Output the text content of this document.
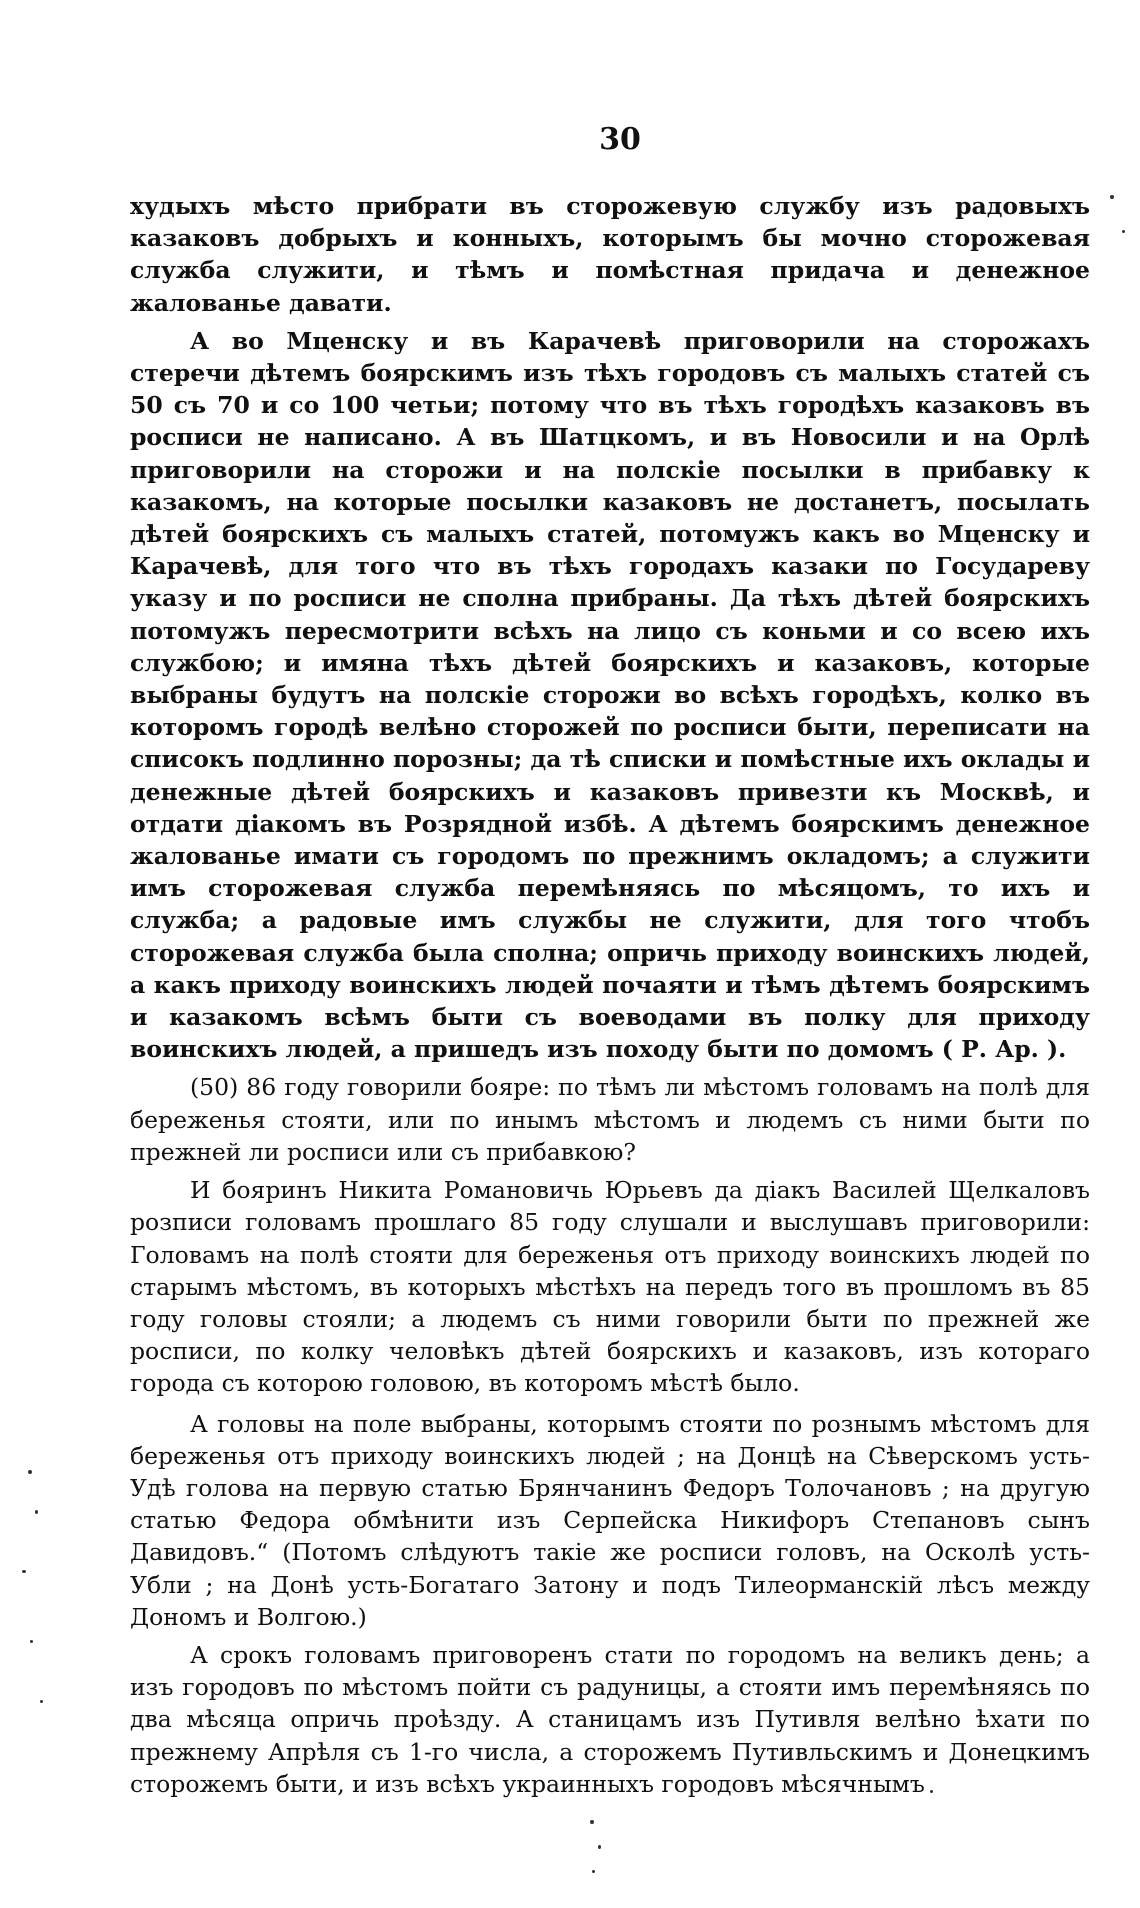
30

худыхъ мѣсто прибрати въ сторожевую службу изъ радовыхъ казаковъ добрыхъ и конныхъ, которымъ бы мочно сторожевая служба служити, и тѣмъ и помѣстная придача и денежное жалованье давати.

А во Мценску и въ Карачевѣ приговорили на сторожахъ стеречи дѣтемъ боярскимъ изъ тѣхъ городовъ съ малыхъ статей съ 50 съ 70 и со 100 четьи; потому что въ тѣхъ городѣхъ казаковъ въ росписи не написано. А въ Шатцкомъ, и въ Новосили и на Орлѣ приговорили на сторожи и на полскіе посылки в прибавку к казакомъ, на которые посылки казаковъ не достанетъ, посылать дѣтей боярскихъ съ малыхъ статей, потомужъ какъ во Мценску и Карачевѣ, для того что въ тѣхъ городахъ казаки по Государеву указу и по росписи не сполна прибраны. Да тѣхъ дѣтей боярскихъ потомужъ пересмотрити всѣхъ на лицо съ коньми и со всею ихъ службою; и имяна тѣхъ дѣтей боярскихъ и казаковъ, которые выбраны будутъ на полскіе сторожи во всѣхъ городѣхъ, колко въ которомъ городѣ велѣно сторожей по росписи быти, переписати на списокъ подлинно порозны; да тѣ списки и помѣстные ихъ оклады и денежные дѣтей боярскихъ и казаковъ привезти къ Москвѣ, и отдати діакомъ въ Розрядной избѣ. А дѣтемъ боярскимъ денежное жалованье имати съ городомъ по прежнимъ окладомъ; а служити имъ сторожевая служба перемѣняясь по мѣсяцомъ, то ихъ и служба; а радовые имъ службы не служити, для того чтобъ сторожевая служба была сполна; опричь приходу воинскихъ людей, а какъ приходу воинскихъ людей почаяти и тѣмъ дѣтемъ боярскимъ и казакомъ всѣмъ быти съ воеводами въ полку для приходу воинскихъ людей, а пришедъ изъ походу быти по домомъ ( Р. Ар. ).

(50) 86 году говорили бояре: по тѣмъ ли мѣстомъ головамъ на полѣ для береженья стояти, или по инымъ мѣстомъ и людемъ съ ними быти по прежней ли росписи или съ прибавкою?

И бояринъ Никита Романовичь Юрьевъ да діакъ Василей Щелкаловъ розписи головамъ прошлаго 85 году слушали и выслушавъ приговорили: Головамъ на полѣ стояти для береженья отъ приходу воинскихъ людей по старымъ мѣстомъ, въ которыхъ мѣстѣхъ на передъ того въ прошломъ въ 85 году головы стояли; а людемъ съ ними говорили быти по прежней же росписи, по колку человѣкъ дѣтей боярскихъ и казаковъ, изъ котораго города съ которою головою, въ которомъ мѣстѣ было.

А головы на поле выбраны, которымъ стояти по рознымъ мѣстомъ для береженья отъ приходу воинскихъ людей ; на Донцѣ на Сѣверскомъ усть-Удѣ голова на первую статью Брянчанинъ Федоръ Толочановъ ; на другую статью Федора обмѣнити изъ Серпейска Никифоръ Степановъ сынъ Давидовъ.“ (Потомъ слѣдуютъ такіе же росписи головъ, на Осколѣ усть-Убли ; на Донѣ усть-Богатаго Затону и подъ Тилеорманскій лѣсъ между Дономъ и Волгою.)

А срокъ головамъ приговоренъ стати по городомъ на великъ день; а изъ городовъ по мѣстомъ пойти съ радуницы, а стояти имъ перемѣняясь по два мѣсяца опричь проѣзду. А станицамъ изъ Путивля велѣно ѣхати по прежнему Апрѣля съ 1-го числа, а сторожемъ Путивльскимъ и Донецкимъ сторожемъ быти, и изъ всѣхъ украинныхъ городовъ мѣсячнымъ
